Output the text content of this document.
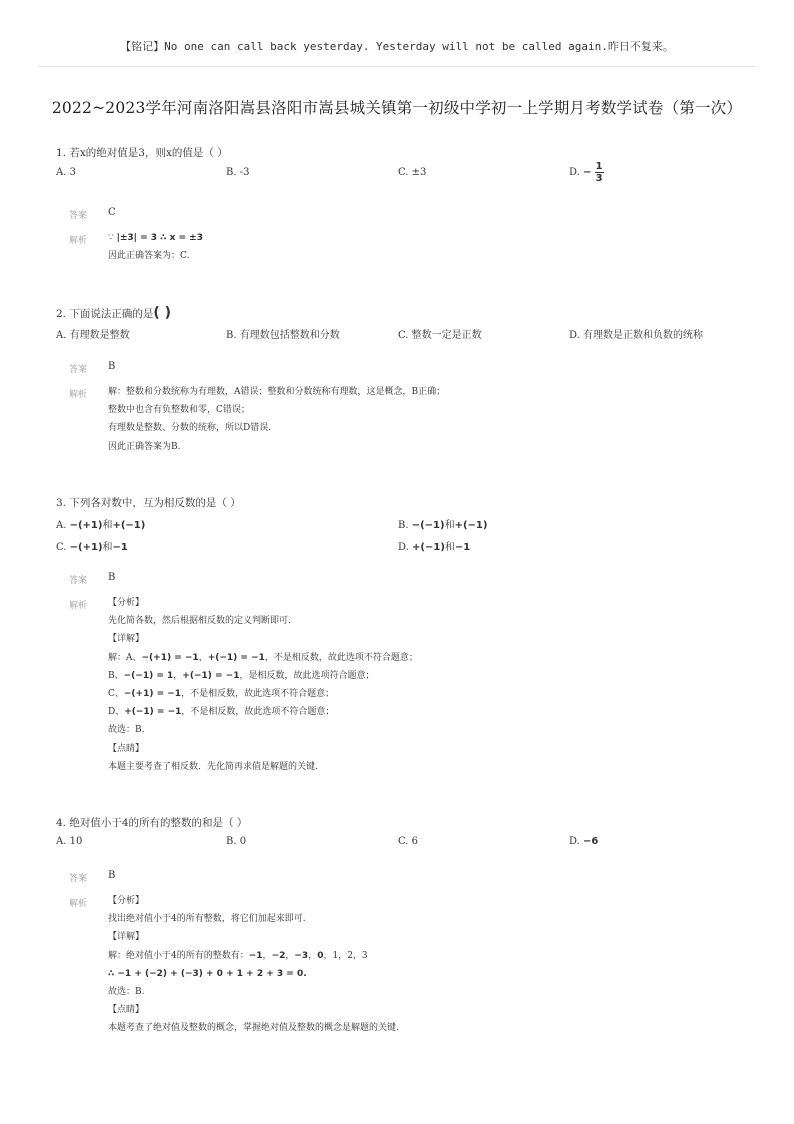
【铭记】No one can call back yesterday. Yesterday will not be called again.昨日不复来。
2022~2023学年河南洛阳嵩县洛阳市嵩县城关镇第一初级中学初一上学期月考数学试卷（第一次）
1. 若x的绝对值是3，则x的值是（ ）
A. 3	B. -3	C. ±3	D. − $\frac{1}{3}$
答案 C
解析 ∵ |±3| = 3 ∴ x = ±3
因此正确答案为：C.
2. 下面说法正确的是( )
A. 有理数是整数	B. 有理数包括整数和分数	C. 整数一定是正数	D. 有理数是正数和负数的统称
答案 B
解析 解：整数和分数统称为有理数，A错误；整数和分数统称有理数，这是概念，B正确；
整数中也含有负整数和零，C错误；
有理数是整数、分数的统称，所以D错误.
因此正确答案为B.
3. 下列各对数中，互为相反数的是（ ）
A. −(+1)和+(−1)	B. −(−1)和+(−1)
C. −(+1)和−1	D. +(−1)和−1
答案 B
解析 【分析】
先化简各数，然后根据相反数的定义判断即可.
【详解】
解：A、−(+1) = −1，+(−1) = −1，不是相反数，故此选项不符合题意；
B、−(−1) = 1，+(−1) = −1，是相反数，故此选项符合题意；
C、−(+1) = −1，不是相反数，故此选项不符合题意；
D、+(−1) = −1，不是相反数，故此选项不符合题意；
故选：B.
【点睛】
本题主要考查了相反数．先化简再求值是解题的关键.
4. 绝对值小于4的所有的整数的和是（ ）
A. 10	B. 0	C. 6	D. −6
答案 B
解析 【分析】
找出绝对值小于4的所有整数，将它们加起来即可.
【详解】
解：绝对值小于4的所有的整数有：−1，−2，−3，0，1，2，3
∴ −1 + (−2) + (−3) + 0 + 1 + 2 + 3 = 0.
故选：B.
【点睛】
本题考查了绝对值及整数的概念，掌握绝对值及整数的概念是解题的关键.
